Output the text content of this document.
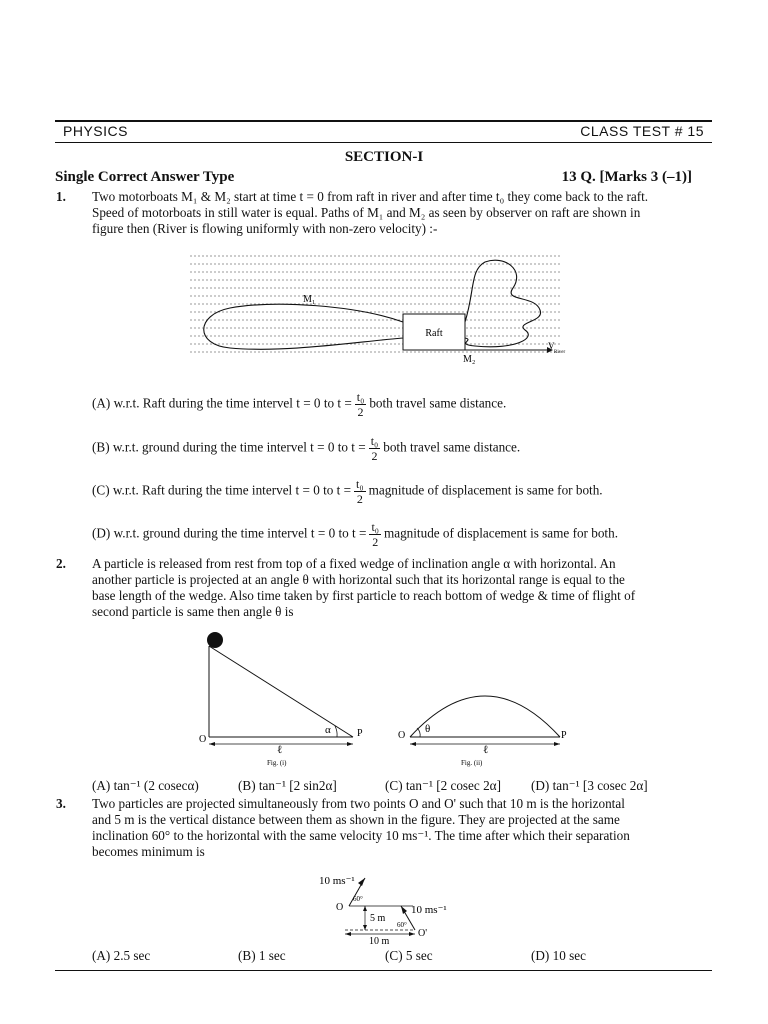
PHYSICS	CLASS TEST # 15
SECTION-I
Single Correct Answer Type	13 Q. [Marks 3 (–1)]
1. Two motorboats M₁ & M₂ start at time t = 0 from raft in river and after time t₀ they come back to the raft.
Speed of motorboats in still water is equal. Paths of M₁ and M₂ as seen by observer on raft are shown in
figure then (River is flowing uniformly with non-zero velocity) :-
Raft
M₁
M₂
V
River
(A) w.r.t. Raft during the time intervel t = 0 to $t = \frac{\text{t₀}}{2}$ both travel same distance.
(B) w.r.t. ground during the time intervel t = 0 to $t = \frac{\text{t₀}}{2}$ both travel same distance.
(C) w.r.t. Raft during the time intervel t = 0 to $t = \frac{\text{t₀}}{2}$ magnitude of displacement is same for both.
(D) w.r.t. ground during the time intervel t = 0 to $t = \frac{\text{t₀}}{2}$ magnitude of displacement is same for both.
2. A particle is released from rest from top of a fixed wedge of inclination angle α with horizontal. An
another particle is projected at an angle θ with horizontal such that its horizontal range is equal to the
base length of the wedge. Also time taken by first particle to reach bottom of wedge & time of flight of
second particle is same then angle θ is
α
O
P
ℓ
Fig. (i)
θ
O	P
ℓ
Fig. (ii)
(A) tan⁻¹ (2 cosecα)	(B) tan⁻¹ [2 sin2α]	(C) tan⁻¹ [2 cosec 2α] (D) tan⁻¹ [3 cosec 2α]
3. Two particles are projected simultaneously from two points O and O' such that 10 m is the horizontal
and 5 m is the vertical distance between them as shown in the figure. They are projected at the same
inclination 60° to the horizontal with the same velocity 10 ms⁻¹. The time after which their separation
becomes minimum is
10 ms⁻¹
60°
O
5 m
10 ms⁻¹
60°
O'
10 m
(A) 2.5 sec	(B) 1 sec	(C) 5 sec	(D) 10 sec
